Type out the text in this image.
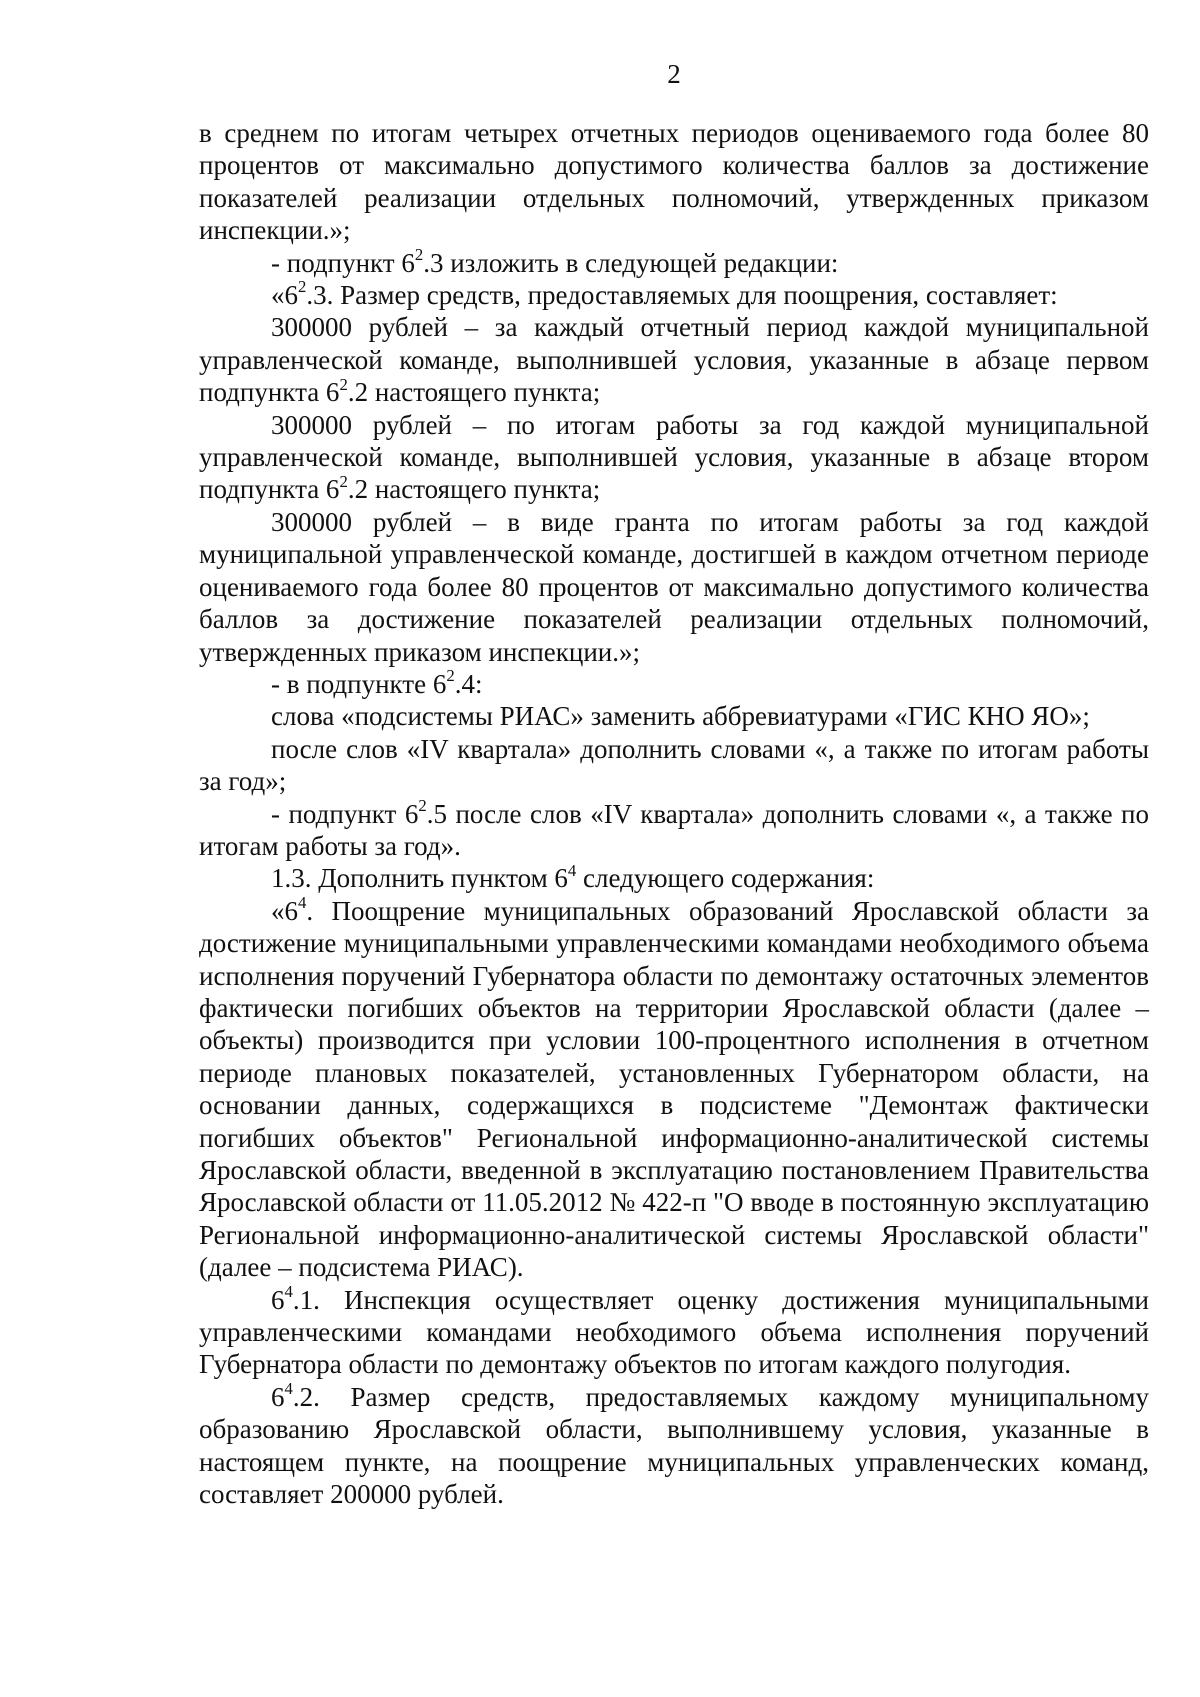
2

в среднем по итогам четырех отчетных периодов оцениваемого года более 80 процентов от максимально допустимого количества баллов за достижение показателей реализации отдельных полномочий, утвержденных приказом инспекции.»;

- подпункт $6^2.3$ изложить в следующей редакции:

«$6^2.3$. Размер средств, предоставляемых для поощрения, составляет:

300000 рублей – за каждый отчетный период каждой муниципальной управленческой команде, выполнившей условия, указанные в абзаце первом подпункта $6^2.2$ настоящего пункта;

300000 рублей – по итогам работы за год каждой муниципальной управленческой команде, выполнившей условия, указанные в абзаце втором подпункта $6^2.2$ настоящего пункта;

300000 рублей – в виде гранта по итогам работы за год каждой муниципальной управленческой команде, достигшей в каждом отчетном периоде оцениваемого года более 80 процентов от максимально допустимого количества баллов за достижение показателей реализации отдельных полномочий, утвержденных приказом инспекции.»;

- в подпункте $6^2.4$:

слова «подсистемы РИАС» заменить аббревиатурами «ГИС КНО ЯО»;

после слов «IV квартала» дополнить словами «, а также по итогам работы за год»;

- подпункт $6^2.5$ после слов «IV квартала» дополнить словами «, а также по итогам работы за год».

1.3. Дополнить пунктом $6^4$ следующего содержания:

«$6^4$. Поощрение муниципальных образований Ярославской области за достижение муниципальными управленческими командами необходимого объема исполнения поручений Губернатора области по демонтажу остаточных элементов фактически погибших объектов на территории Ярославской области (далее – объекты) производится при условии 100-процентного исполнения в отчетном периоде плановых показателей, установленных Губернатором области, на основании данных, содержащихся в подсистеме "Демонтаж фактически погибших объектов" Региональной информационно-аналитической системы Ярославской области, введенной в эксплуатацию постановлением Правительства Ярославской области от 11.05.2012 № 422-п "О вводе в постоянную эксплуатацию Региональной информационно-аналитической системы Ярославской области" (далее – подсистема РИАС).

$6^4.1$. Инспекция осуществляет оценку достижения муниципальными управленческими командами необходимого объема исполнения поручений Губернатора области по демонтажу объектов по итогам каждого полугодия.

$6^4.2$. Размер средств, предоставляемых каждому муниципальному образованию Ярославской области, выполнившему условия, указанные в настоящем пункте, на поощрение муниципальных управленческих команд, составляет 200000 рублей.
